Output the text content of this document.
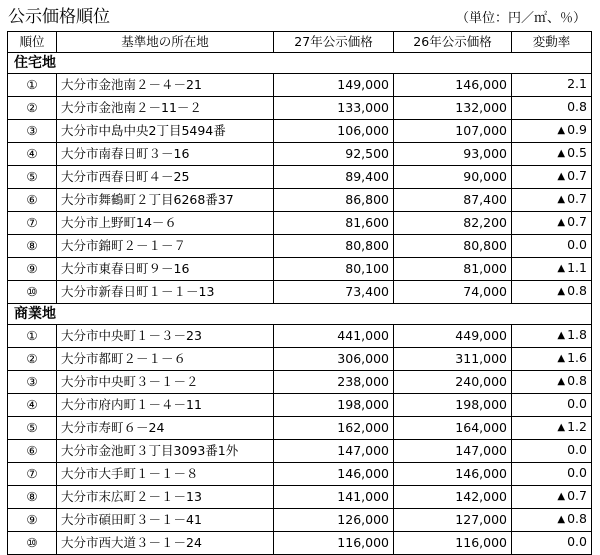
公示価格順位	（単位：円／㎡、％）
順位	基準地の所在地	27年公示価格	26年公示価格	変動率
住宅地				
①	大分市金池南２－４－21	149,000	146,000	2.1
②	大分市金池南２－11－２	133,000	132,000	0.8
③	大分市中島中央2丁目5494番	106,000	107,000	▲ 0.9
④	大分市南春日町３－16	92,500	93,000	▲ 0.5
⑤	大分市西春日町４－25	89,400	90,000	▲ 0.7
⑥	大分市舞鶴町２丁目6268番37	86,800	87,400	▲ 0.7
⑦	大分市上野町14－６	81,600	82,200	▲ 0.7
⑧	大分市錦町２－１－７	80,800	80,800	0.0
⑨	大分市東春日町９－16	80,100	81,000	▲ 1.1
⑩	大分市新春日町１－１－13	73,400	74,000	▲ 0.8
商業地				
①	大分市中央町１－３－23	441,000	449,000	▲ 1.8
②	大分市都町２－１－６	306,000	311,000	▲ 1.6
③	大分市中央町３－１－２	238,000	240,000	▲ 0.8
④	大分市府内町１－４－11	198,000	198,000	0.0
⑤	大分市寿町６－24	162,000	164,000	▲ 1.2
⑥	大分市金池町３丁目3093番1外	147,000	147,000	0.0
⑦	大分市大手町１－１－８	146,000	146,000	0.0
⑧	大分市末広町２－１－13	141,000	142,000	▲ 0.7
⑨	大分市碩田町３－１－41	126,000	127,000	▲ 0.8
⑩	大分市西大道３－１－24	116,000	116,000	0.0
